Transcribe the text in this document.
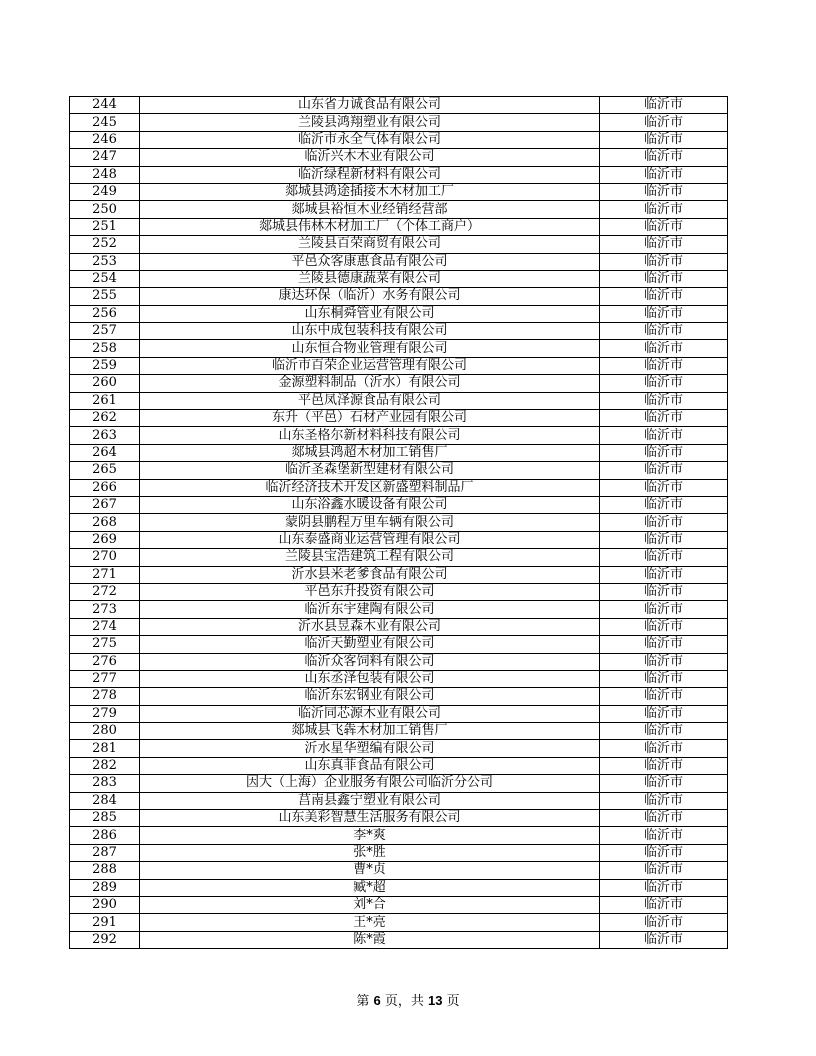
244	山东省力诚食品有限公司	临沂市
245	兰陵县鸿翔塑业有限公司	临沂市
246	临沂市永全气体有限公司	临沂市
247	临沂兴木木业有限公司	临沂市
248	临沂绿程新材料有限公司	临沂市
249	郯城县鸿途插接木木材加工厂	临沂市
250	郯城县裕恒木业经销经营部	临沂市
251	郯城县伟林木材加工厂（个体工商户）	临沂市
252	兰陵县百荣商贸有限公司	临沂市
253	平邑众客康惠食品有限公司	临沂市
254	兰陵县德康蔬菜有限公司	临沂市
255	康达环保（临沂）水务有限公司	临沂市
256	山东桐舜管业有限公司	临沂市
257	山东中成包装科技有限公司	临沂市
258	山东恒合物业管理有限公司	临沂市
259	临沂市百荣企业运营管理有限公司	临沂市
260	金源塑料制品（沂水）有限公司	临沂市
261	平邑凤泽源食品有限公司	临沂市
262	东升（平邑）石材产业园有限公司	临沂市
263	山东圣格尔新材料科技有限公司	临沂市
264	郯城县鸿超木材加工销售厂	临沂市
265	临沂圣森堡新型建材有限公司	临沂市
266	临沂经济技术开发区新盛塑料制品厂	临沂市
267	山东浴鑫水暖设备有限公司	临沂市
268	蒙阴县鹏程万里车辆有限公司	临沂市
269	山东泰盛商业运营管理有限公司	临沂市
270	兰陵县宝浩建筑工程有限公司	临沂市
271	沂水县米老爹食品有限公司	临沂市
272	平邑东升投资有限公司	临沂市
273	临沂东宇建陶有限公司	临沂市
274	沂水县昱森木业有限公司	临沂市
275	临沂天勤塑业有限公司	临沂市
276	临沂众客饲料有限公司	临沂市
277	山东丞泽包装有限公司	临沂市
278	临沂东宏钢业有限公司	临沂市
279	临沂同芯源木业有限公司	临沂市
280	郯城县飞犇木材加工销售厂	临沂市
281	沂水星华塑编有限公司	临沂市
282	山东真菲食品有限公司	临沂市
283	因大（上海）企业服务有限公司临沂分公司	临沂市
284	莒南县鑫宁塑业有限公司	临沂市
285	山东美彩智慧生活服务有限公司	临沂市
286	李*爽	临沂市
287	张*胜	临沂市
288	曹*贞	临沂市
289	臧*超	临沂市
290	刘*合	临沂市
291	王*亮	临沂市
292	陈*霞	临沂市
第 6 页，共 13 页
